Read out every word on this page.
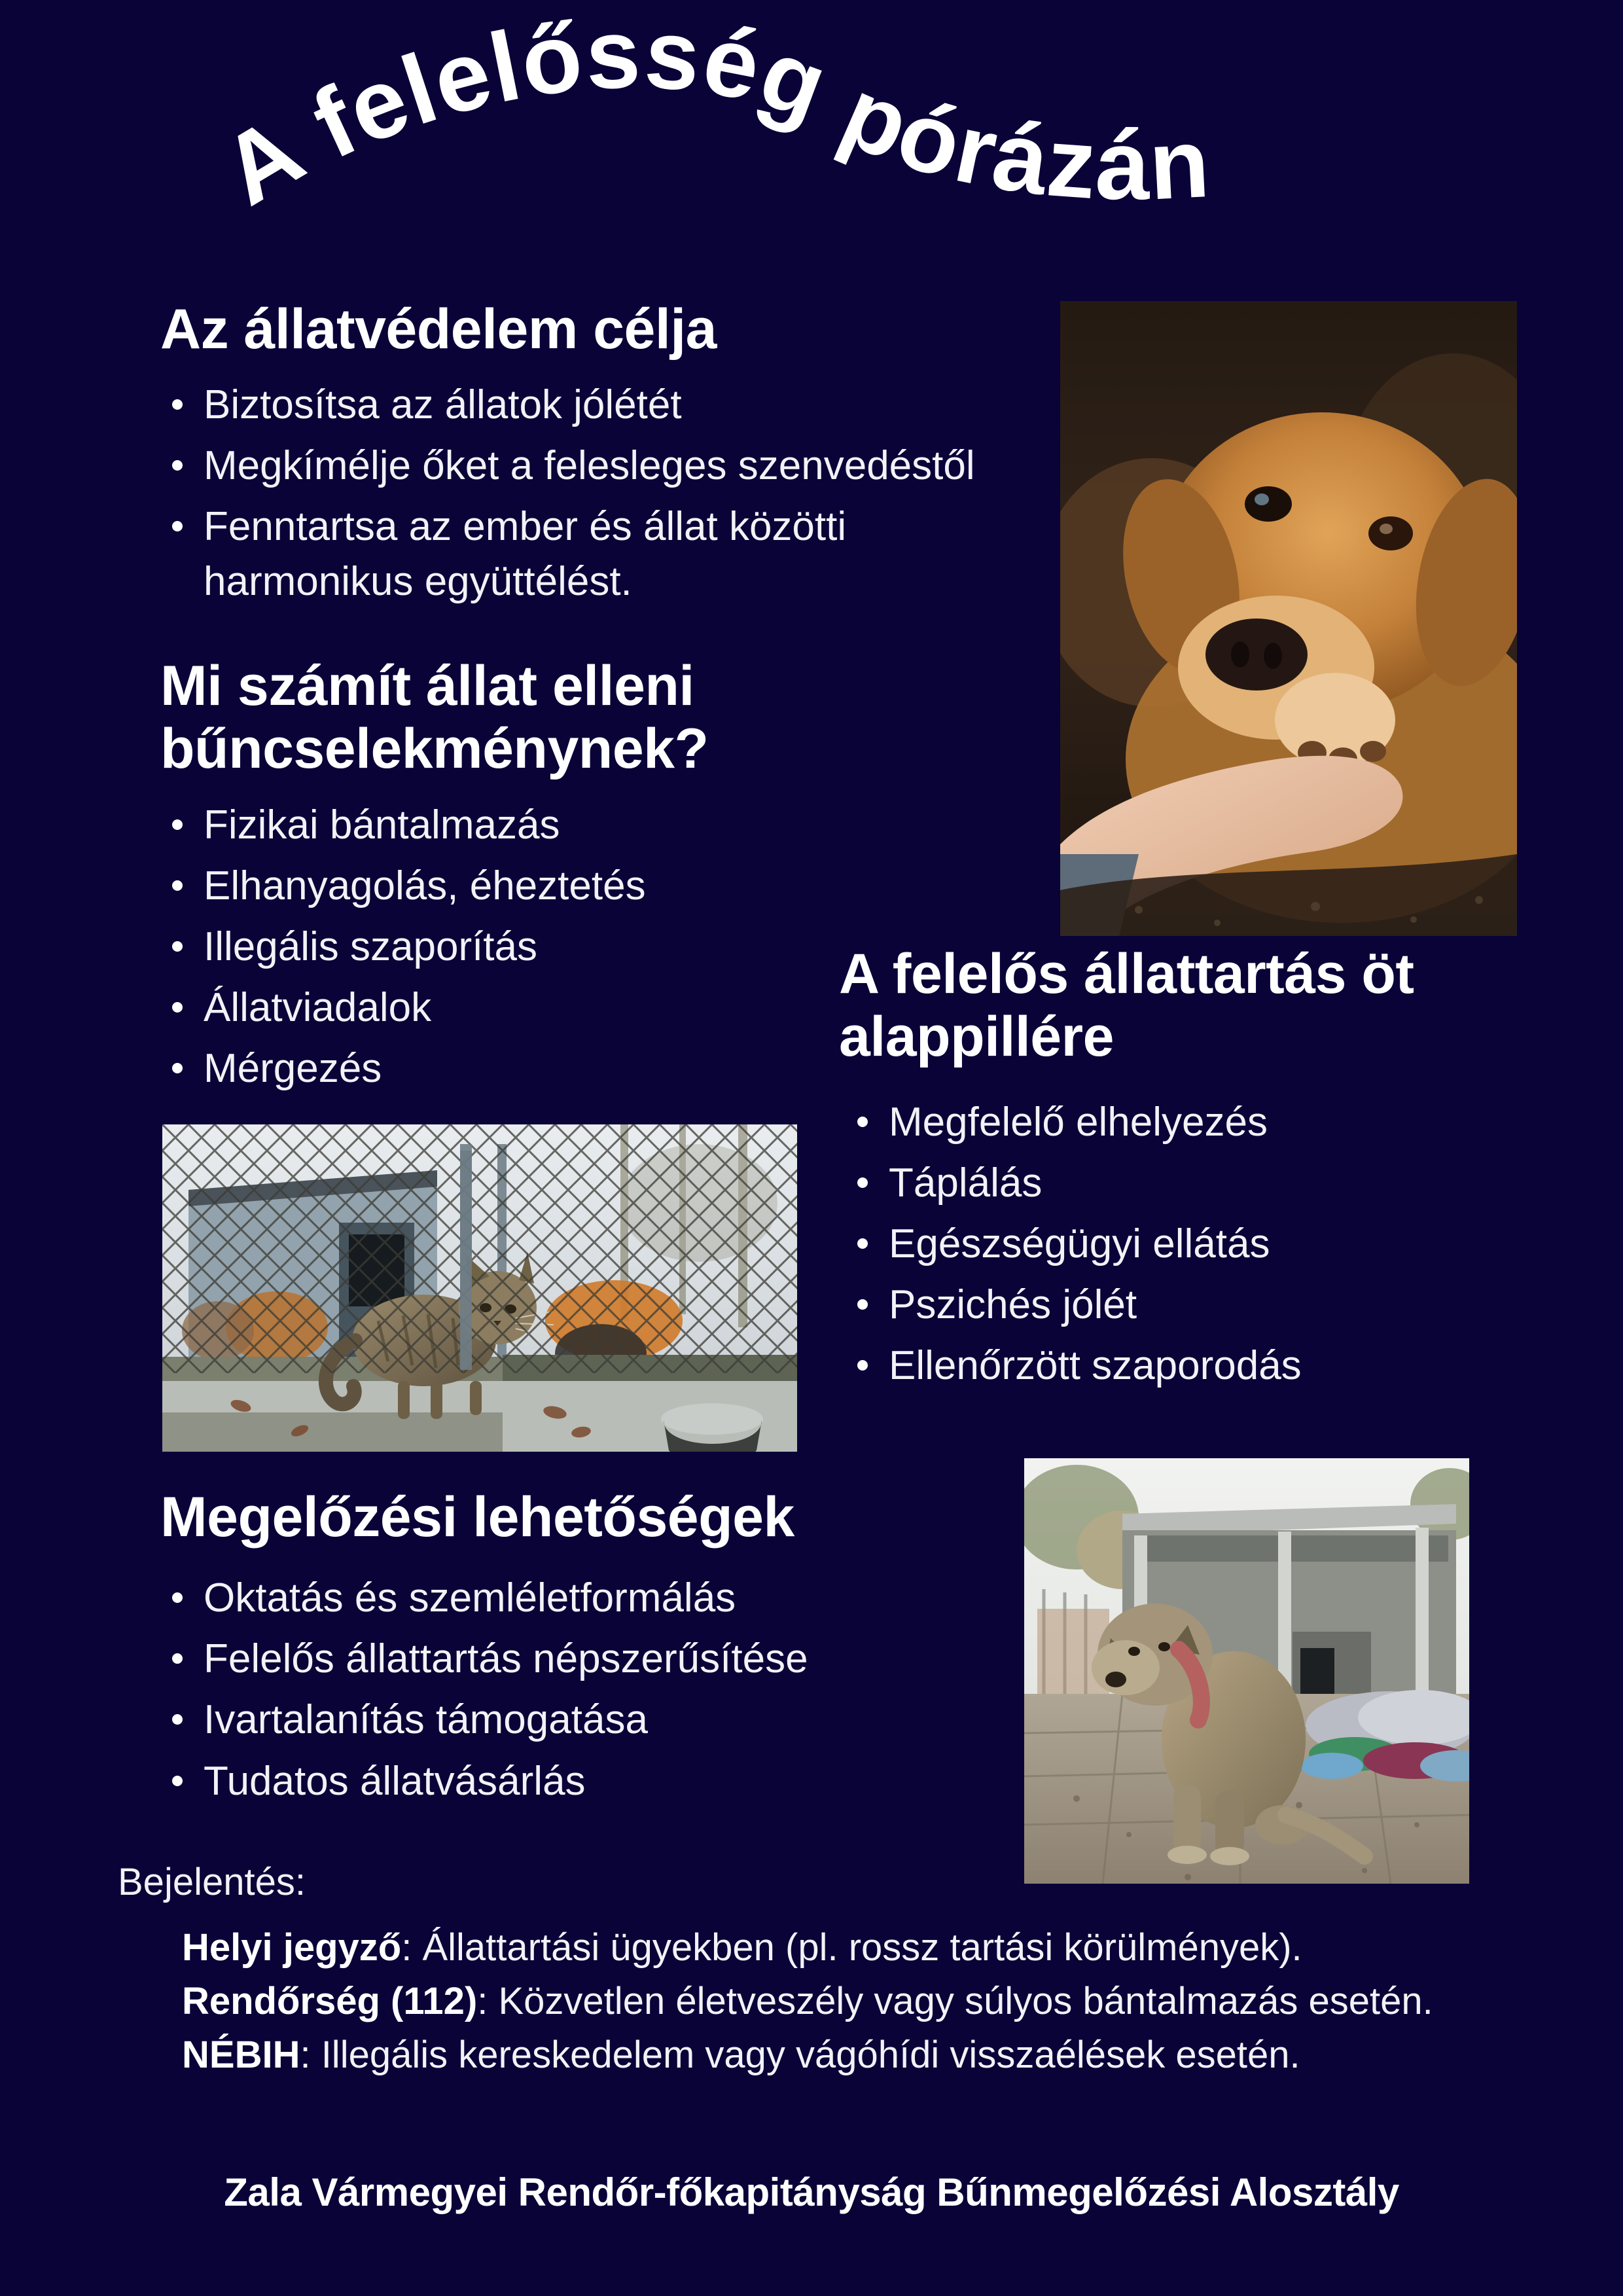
A felelősség pórázán
Az állatvédelem célja
Biztosítsa az állatok jólétét
Megkímélje őket a felesleges szenvedéstől
Fenntartsa az ember és állat közötti harmonikus együttélést.
Mi számít állat elleni bűncselekménynek?
Fizikai bántalmazás
Elhanyagolás, éheztetés
Illegális szaporítás
Állatviadalok
Mérgezés
A felelős állattartás öt alappillére
Megfelelő elhelyezés
Táplálás
Egészségügyi ellátás
Pszichés jólét
Ellenőrzött szaporodás
Megelőzési lehetőségek
Oktatás és szemléletformálás
Felelős állattartás népszerűsítése
Ivartalanítás támogatása
Tudatos állatvásárlás
Bejelentés:
Helyi jegyző: Állattartási ügyekben (pl. rossz tartási körülmények).
Rendőrség (112): Közvetlen életveszély vagy súlyos bántalmazás esetén.
NÉBIH: Illegális kereskedelem vagy vágóhídi visszaélések esetén.
Zala Vármegyei Rendőr-főkapitányság Bűnmegelőzési Alosztály
